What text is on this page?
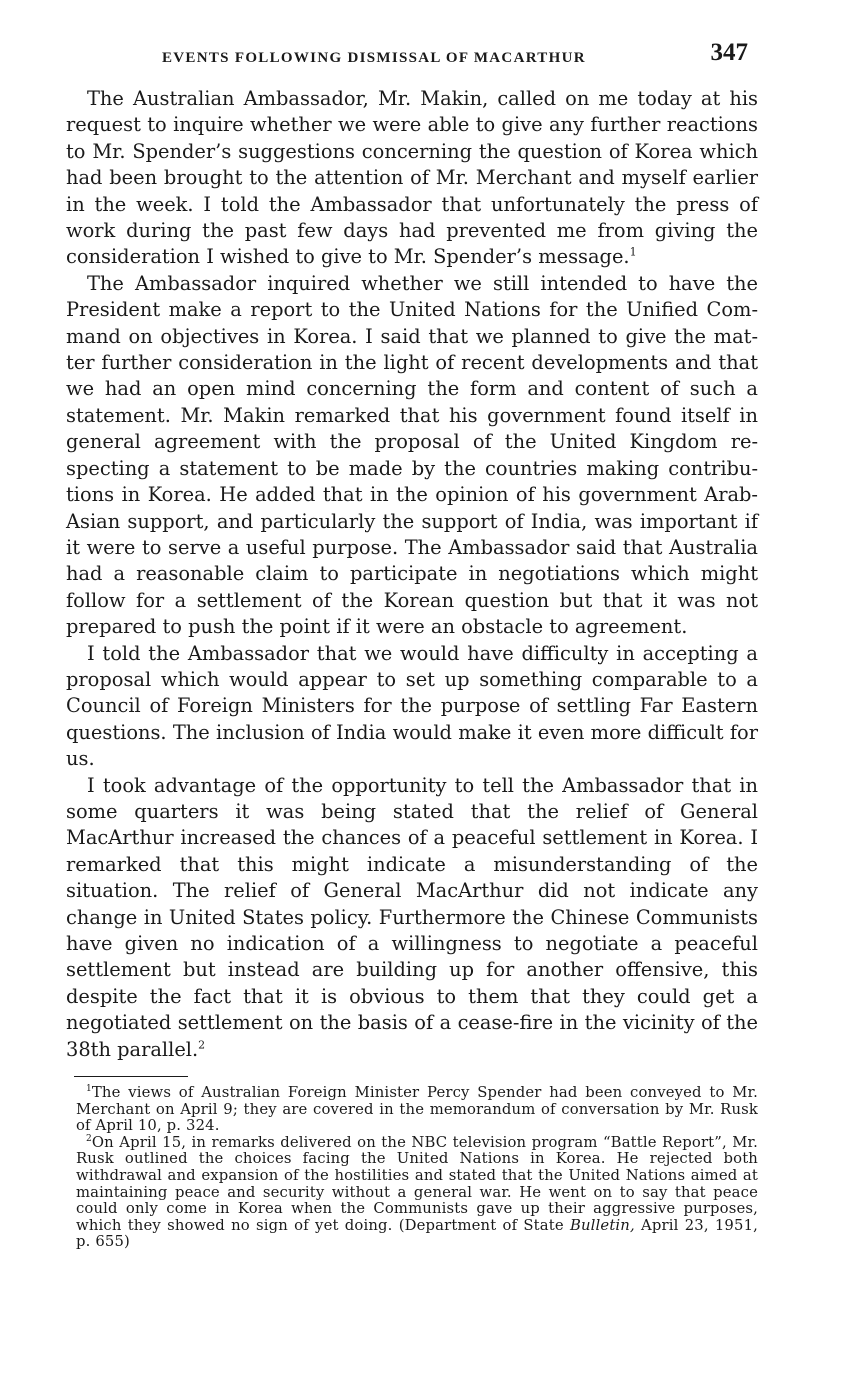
EVENTS FOLLOWING DISMISSAL OF MACARTHUR	347

The Australian Ambassador, Mr. Makin, called on me today at his request to inquire whether we were able to give any further reactions to Mr. Spender’s suggestions concerning the question of Korea which had been brought to the attention of Mr. Merchant and myself earlier in the week. I told the Ambassador that unfortunately the press of work during the past few days had prevented me from giving the consideration I wished to give to Mr. Spender’s message.$^1$

The Ambassador inquired whether we still intended to have the President make a report to the United Nations for the Unified Command on objectives in Korea. I said that we planned to give the matter further consideration in the light of recent developments and that we had an open mind concerning the form and content of such a statement. Mr. Makin remarked that his government found itself in general agreement with the proposal of the United Kingdom respecting a statement to be made by the countries making contributions in Korea. He added that in the opinion of his government Arab-Asian support, and particularly the support of India, was important if it were to serve a useful purpose. The Ambassador said that Australia had a reasonable claim to participate in negotiations which might follow for a settlement of the Korean question but that it was not prepared to push the point if it were an obstacle to agreement.

I told the Ambassador that we would have difficulty in accepting a proposal which would appear to set up something comparable to a Council of Foreign Ministers for the purpose of settling Far Eastern questions. The inclusion of India would make it even more difficult for us.

I took advantage of the opportunity to tell the Ambassador that in some quarters it was being stated that the relief of General MacArthur increased the chances of a peaceful settlement in Korea. I remarked that this might indicate a misunderstanding of the situation. The relief of General MacArthur did not indicate any change in United States policy. Furthermore the Chinese Communists have given no indication of a willingness to negotiate a peaceful settlement but instead are building up for another offensive, this despite the fact that it is obvious to them that they could get a negotiated settlement on the basis of a cease-fire in the vicinity of the 38th parallel.$^2$

$^1$The views of Australian Foreign Minister Percy Spender had been conveyed to Mr. Merchant on April 9; they are covered in the memorandum of conversation by Mr. Rusk of April 10, p. 324.

$^2$On April 15, in remarks delivered on the NBC television program “Battle Report”, Mr. Rusk outlined the choices facing the United Nations in Korea. He rejected both withdrawal and expansion of the hostilities and stated that the United Nations aimed at maintaining peace and security without a general war. He went on to say that peace could only come in Korea when the Communists gave up their aggressive purposes, which they showed no sign of yet doing. (Department of State Bulletin, April 23, 1951, p. 655)
